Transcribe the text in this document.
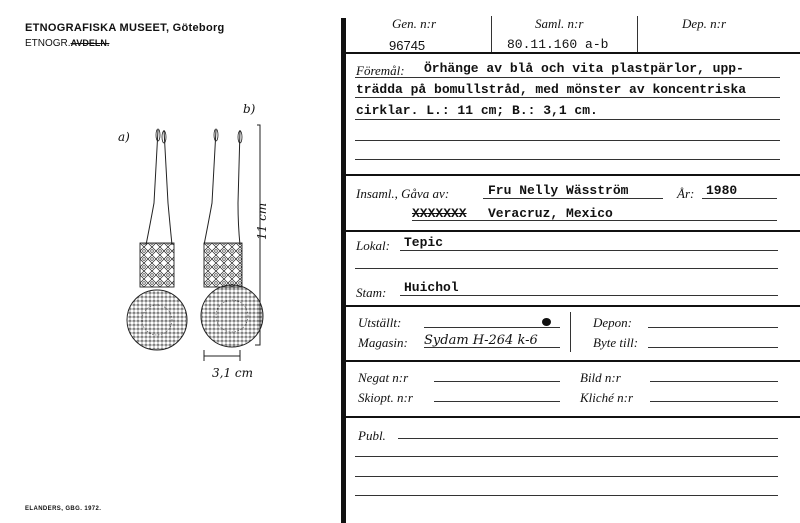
ETNOGRAFISKA MUSEET, Göteborg
ETNOGR.AVDELN.
ELANDERS, GBG. 1972.
a)
b)
11 cm
3,1 cm
Gen. n:r	Saml. n:r	Dep. n:r
96745	80.11.160 a-b
Föremål: Örhänge av blå och vita plastpärlor, upp-
trädda på bomullstråd, med mönster av koncentriska
cirklar. L.: 11 cm; B.: 3,1 cm.
Insaml., Gåva av:	Fru Nelly Wäsström	År: 1980
XXXXXXX Veracruz, Mexico
Lokal: Tepic
Stam: Huichol
Utställt:
Magasin: Sydam H-264 k-6
Depon:
Byte till:
Negat n:r	Bild n:r
Skiopt. n:r	Kliché n:r
Publ.
